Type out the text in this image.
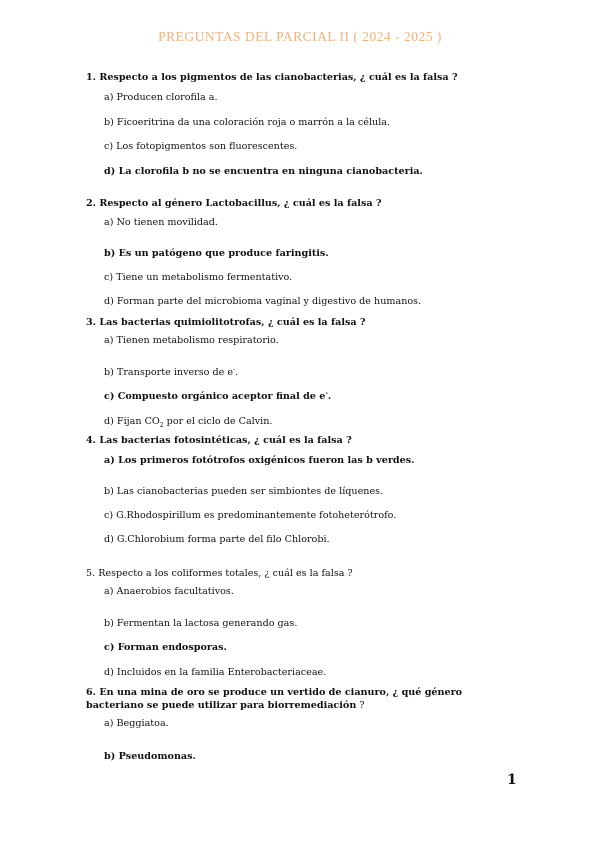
PREGUNTAS DEL PARCIAL II ( 2024 - 2025 )
1. Respecto a los pigmentos de las cianobacterias, ¿ cuál es la falsa ?
a) Producen clorofila a.
b) Ficoeritrina da una coloración roja o marrón a la célula.
c) Los fotopigmentos son fluorescentes.
d) La clorofila b no se encuentra en ninguna cianobacteria.
2. Respecto al género Lactobacillus, ¿ cuál es la falsa ?
a) No tienen movilidad.
b) Es un patógeno que produce faringitis.
c) Tiene un metabolismo fermentativo.
d) Forman parte del microbioma vaginal y digestivo de humanos.
3. Las bacterias quimiolitotrofas, ¿ cuál es la falsa ?
a) Tienen metabolismo respiratorio.
b) Transporte inverso de e-.
c) Compuesto orgánico aceptor final de e-.
d) Fijan $CO_2$ por el ciclo de Calvin.
4. Las bacterias fotosintéticas, ¿ cuál es la falsa ?
a) Los primeros fotótrofos oxigénicos fueron las b verdes.
b) Las cianobacterias pueden ser simbiontes de líquenes.
c) G.Rhodospirillum es predominantemente fotoheterótrofo.
d) G.Chlorobium forma parte del filo Chlorobi.
5. Respecto a los coliformes totales, ¿ cuál es la falsa ?
a) Anaerobios facultativos.
b) Fermentan la lactosa generando gas.
c) Forman endosporas.
d) Incluidos en la familia Enterobacteriaceae.
6. En una mina de oro se produce un vertido de cianuro, ¿ qué género bacteriano se puede utilizar para biorremediación ?
a) Beggiatoa.
b) Pseudomonas.
1
